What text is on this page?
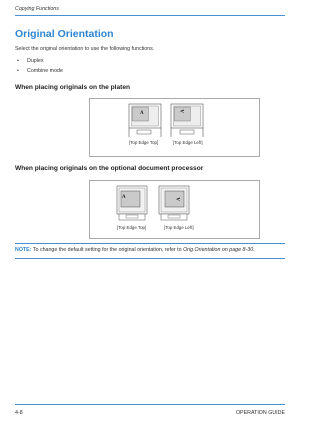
Copying Functions
Original Orientation
Select the original orientation to use the following functions.
• Duplex
• Combine mode
When placing originals on the platen
A	A
[Top Edge Top]	[Top Edge Left]
When placing originals on the optional document processor
A	A
[Top Edge Top]	[Top Edge Left]
NOTE: To change the default setting for the original orientation, refer to Orig.Orientation on page 8-30.
4-8	OPERATION GUIDE
